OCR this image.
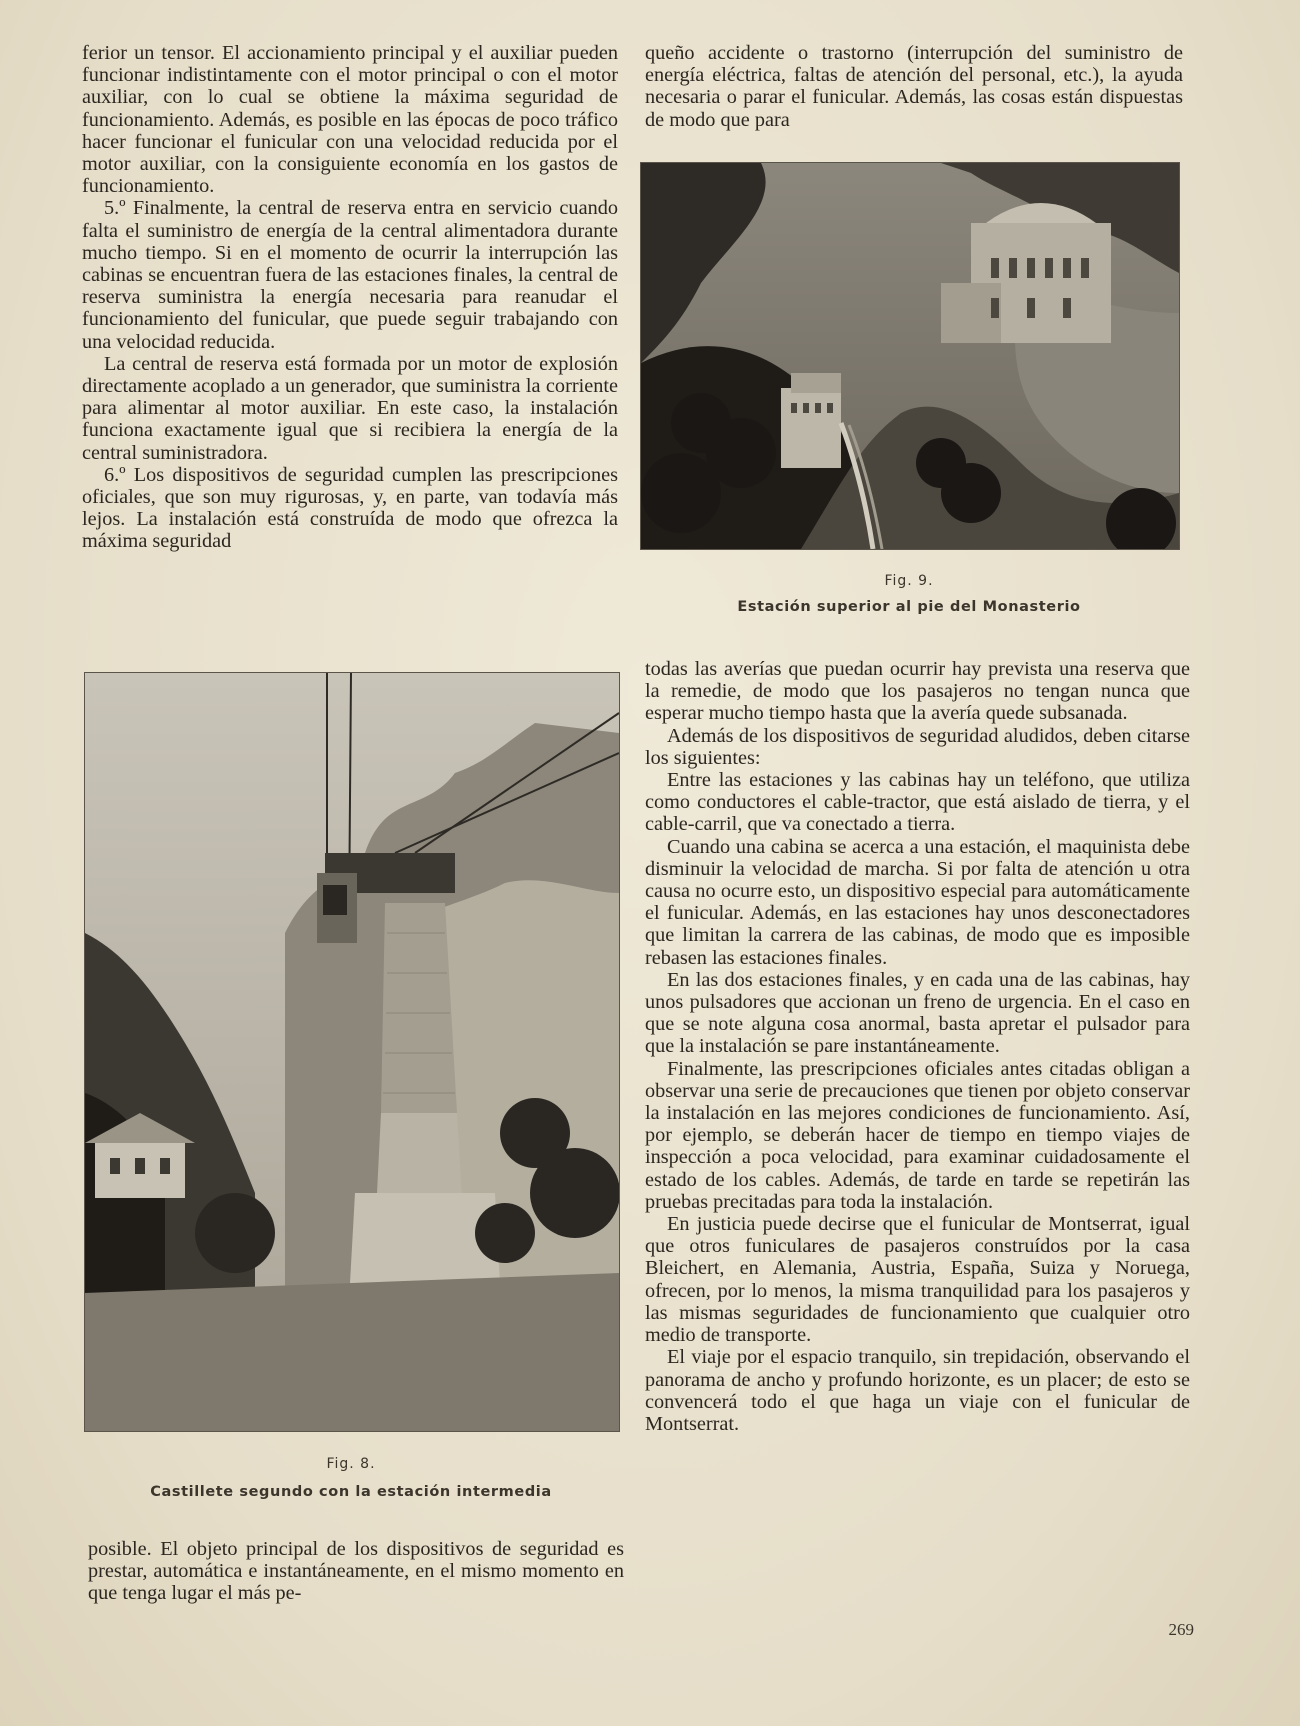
ferior un tensor. El accionamiento principal y el auxiliar pueden funcionar indistintamente con el motor principal o con el motor auxiliar, con lo cual se obtiene la máxima seguridad de funcionamiento. Además, es posible en las épocas de poco tráfico hacer funcionar el funicular con una velocidad reducida por el motor auxiliar, con la consiguiente economía en los gastos de funcionamiento.

5.º Finalmente, la central de reserva entra en servicio cuando falta el suministro de energía de la central alimentadora durante mucho tiempo. Si en el momento de ocurrir la interrupción las cabinas se encuentran fuera de las estaciones finales, la central de reserva suministra la energía necesaria para reanudar el funcionamiento del funicular, que puede seguir trabajando con una velocidad reducida.

La central de reserva está formada por un motor de explosión directamente acoplado a un generador, que suministra la corriente para alimentar al motor auxiliar. En este caso, la instalación funciona exactamente igual que si recibiera la energía de la central suministradora.

6.º Los dispositivos de seguridad cumplen las prescripciones oficiales, que son muy rigurosas, y, en parte, van todavía más lejos. La instalación está construída de modo que ofrezca la máxima seguridad

queño accidente o trastorno (interrupción del suministro de energía eléctrica, faltas de atención del personal, etc.), la ayuda necesaria o parar el funicular. Además, las cosas están dispuestas de modo que para

Fig. 9.
Estación superior al pie del Monasterio
Fig. 8.
Castillete segundo con la estación intermedia

todas las averías que puedan ocurrir hay prevista una reserva que la remedie, de modo que los pasajeros no tengan nunca que esperar mucho tiempo hasta que la avería quede subsanada.

Además de los dispositivos de seguridad aludidos, deben citarse los siguientes:

Entre las estaciones y las cabinas hay un teléfono, que utiliza como conductores el cable-tractor, que está aislado de tierra, y el cable-carril, que va conectado a tierra.

Cuando una cabina se acerca a una estación, el maquinista debe disminuir la velocidad de marcha. Si por falta de atención u otra causa no ocurre esto, un dispositivo especial para automáticamente el funicular. Además, en las estaciones hay unos desconectadores que limitan la carrera de las cabinas, de modo que es imposible rebasen las estaciones finales.

En las dos estaciones finales, y en cada una de las cabinas, hay unos pulsadores que accionan un freno de urgencia. En el caso en que se note alguna cosa anormal, basta apretar el pulsador para que la instalación se pare instantáneamente.

Finalmente, las prescripciones oficiales antes citadas obligan a observar una serie de precauciones que tienen por objeto conservar la instalación en las mejores condiciones de funcionamiento. Así, por ejemplo, se deberán hacer de tiempo en tiempo viajes de inspección a poca velocidad, para examinar cuidadosamente el estado de los cables. Además, de tarde en tarde se repetirán las pruebas precitadas para toda la instalación.

En justicia puede decirse que el funicular de Montserrat, igual que otros funiculares de pasajeros construídos por la casa Bleichert, en Alemania, Austria, España, Suiza y Noruega, ofrecen, por lo menos, la misma tranquilidad para los pasajeros y las mismas seguridades de funcionamiento que cualquier otro medio de transporte.

El viaje por el espacio tranquilo, sin trepidación, observando el panorama de ancho y profundo horizonte, es un placer; de esto se convencerá todo el que haga un viaje con el funicular de Montserrat.

posible. El objeto principal de los dispositivos de seguridad es prestar, automática e instantáneamente, en el mismo momento en que tenga lugar el más pe-

269
